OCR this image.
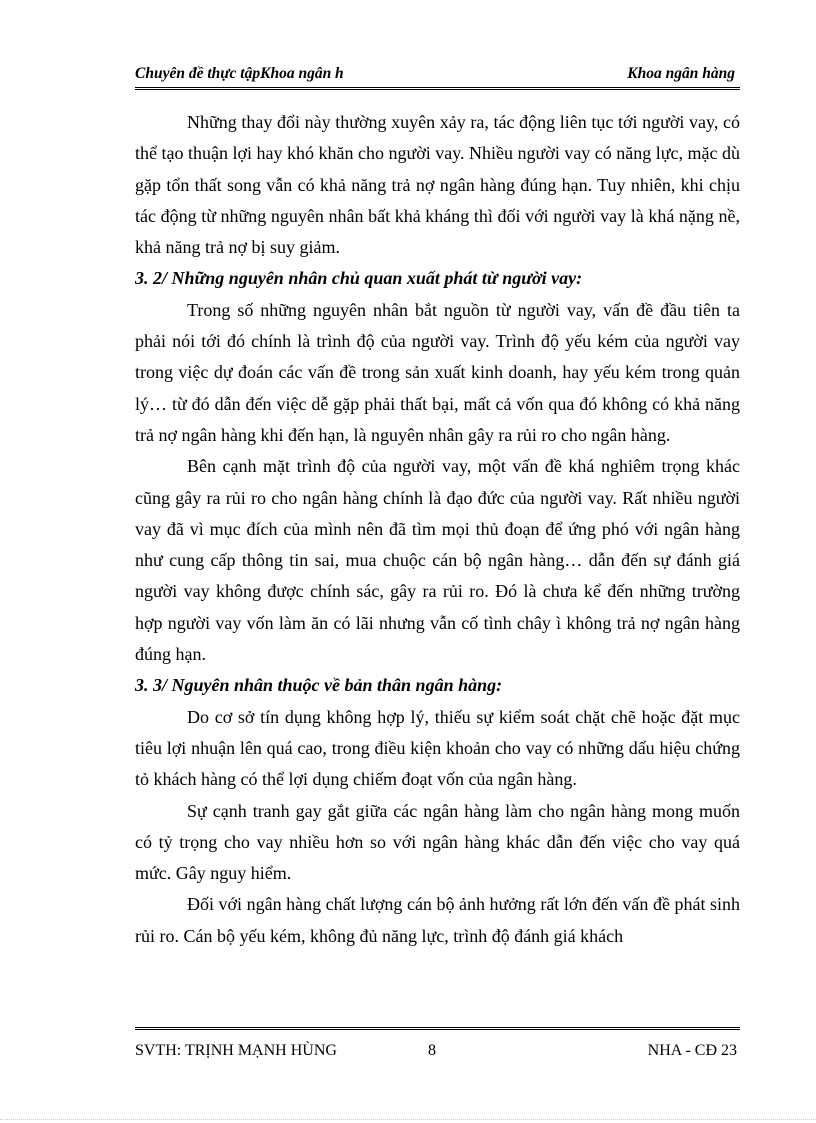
Chuyên đề thực tậpKhoa ngân h	Khoa ngân hàng

Những thay đổi này thường xuyên xảy ra, tác động liên tục tới người vay, có thể tạo thuận lợi hay khó khăn cho người vay. Nhiều người vay có năng lực, mặc dù gặp tổn thất song vẫn có khả năng trả nợ ngân hàng đúng hạn. Tuy nhiên, khi chịu tác động từ những nguyên nhân bất khả kháng thì đối với người vay là khá nặng nề, khả năng trả nợ bị suy giảm.

3. 2/ Những nguyên nhân chủ quan xuất phát từ người vay:

Trong số những nguyên nhân bắt nguồn từ người vay, vấn đề đầu tiên ta phải nói tới đó chính là trình độ của người vay. Trình độ yếu kém của người vay trong việc dự đoán các vấn đề trong sản xuất kinh doanh, hay yếu kém trong quản lý… từ đó dẫn đến việc dễ gặp phải thất bại, mất cả vốn qua đó không có khả năng trả nợ ngân hàng khi đến hạn, là nguyên nhân gây ra rủi ro cho ngân hàng.

Bên cạnh mặt trình độ của người vay, một vấn đề khá nghiêm trọng khác cũng gây ra rủi ro cho ngân hàng chính là đạo đức của người vay. Rất nhiều người vay đã vì mục đích của mình nên đã tìm mọi thủ đoạn để ứng phó với ngân hàng như cung cấp thông tin sai, mua chuộc cán bộ ngân hàng… dẫn đến sự đánh giá người vay không được chính sác, gây ra rủi ro. Đó là chưa kể đến những trường hợp người vay vốn làm ăn có lãi nhưng vẫn cố tình chây ì không trả nợ ngân hàng đúng hạn.

3. 3/ Nguyên nhân thuộc về bản thân ngân hàng:

Do cơ sở tín dụng không hợp lý, thiếu sự kiểm soát chặt chẽ hoặc đặt mục tiêu lợi nhuận lên quá cao, trong điều kiện khoản cho vay có những dấu hiệu chứng tỏ khách hàng có thể lợi dụng chiếm đoạt vốn của ngân hàng.

Sự cạnh tranh gay gắt giữa các ngân hàng làm cho ngân hàng mong muốn có tỷ trọng cho vay nhiều hơn so với ngân hàng khác dẫn đến việc cho vay quá mức. Gây nguy hiểm.

Đối với ngân hàng chất lượng cán bộ ảnh hưởng rất lớn đến vấn đề phát sinh rủi ro. Cán bộ yếu kém, không đủ năng lực, trình độ đánh giá khách

SVTH: TRỊNH MẠNH HÙNG	8	NHA - CĐ 23
